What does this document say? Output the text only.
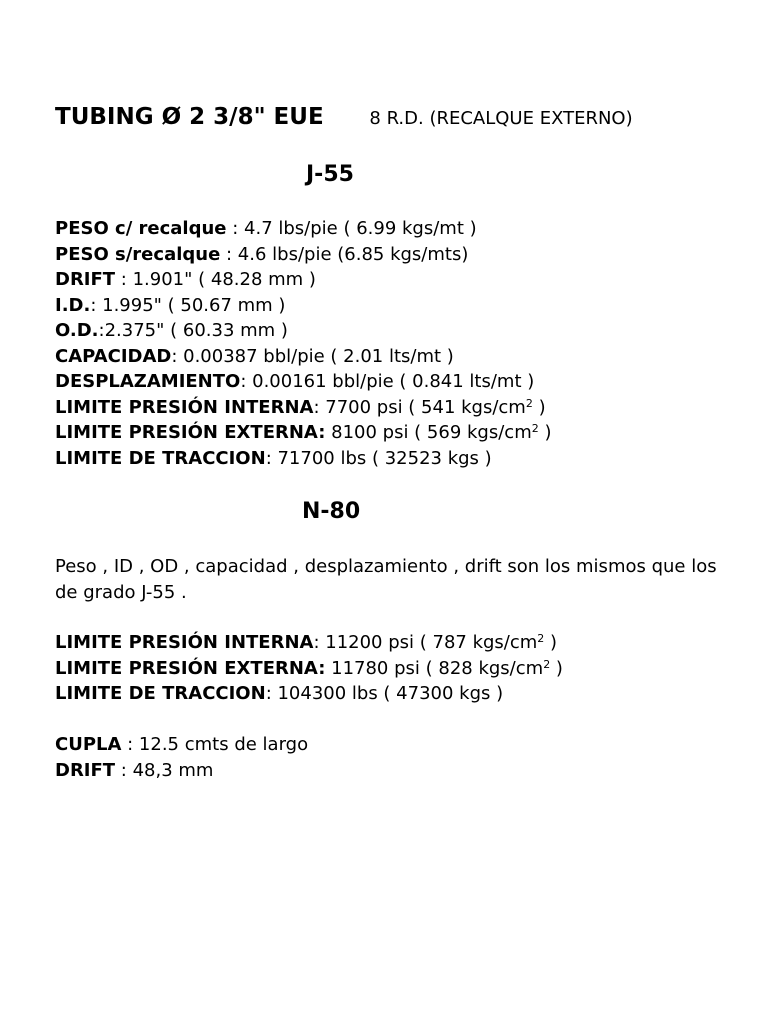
TUBING Ø 2 3/8" EUE	8 R.D. (RECALQUE EXTERNO)
J-55
PESO c/ recalque : 4.7 lbs/pie ( 6.99 kgs/mt )
PESO s/recalque : 4.6 lbs/pie (6.85 kgs/mts)
DRIFT : 1.901" ( 48.28 mm )
I.D.: 1.995" ( 50.67 mm )
O.D.:2.375" ( 60.33 mm )
CAPACIDAD: 0.00387 bbl/pie ( 2.01 lts/mt )
DESPLAZAMIENTO: 0.00161 bbl/pie ( 0.841 lts/mt )
LIMITE PRESIÓN INTERNA: 7700 psi ( 541 kgs/$cm^2$ )
LIMITE PRESIÓN EXTERNA: 8100 psi ( 569 kgs/$cm^2$ )
LIMITE DE TRACCION: 71700 lbs ( 32523 kgs )
N-80
Peso , ID , OD , capacidad , desplazamiento , drift son los mismos que los de grado J-55 .
LIMITE PRESIÓN INTERNA: 11200 psi ( 787 kgs/$cm^2$ )
LIMITE PRESIÓN EXTERNA: 11780 psi ( 828 kgs/$cm^2$ )
LIMITE DE TRACCION: 104300 lbs ( 47300 kgs )
CUPLA : 12.5 cmts de largo
DRIFT : 48,3 mm
